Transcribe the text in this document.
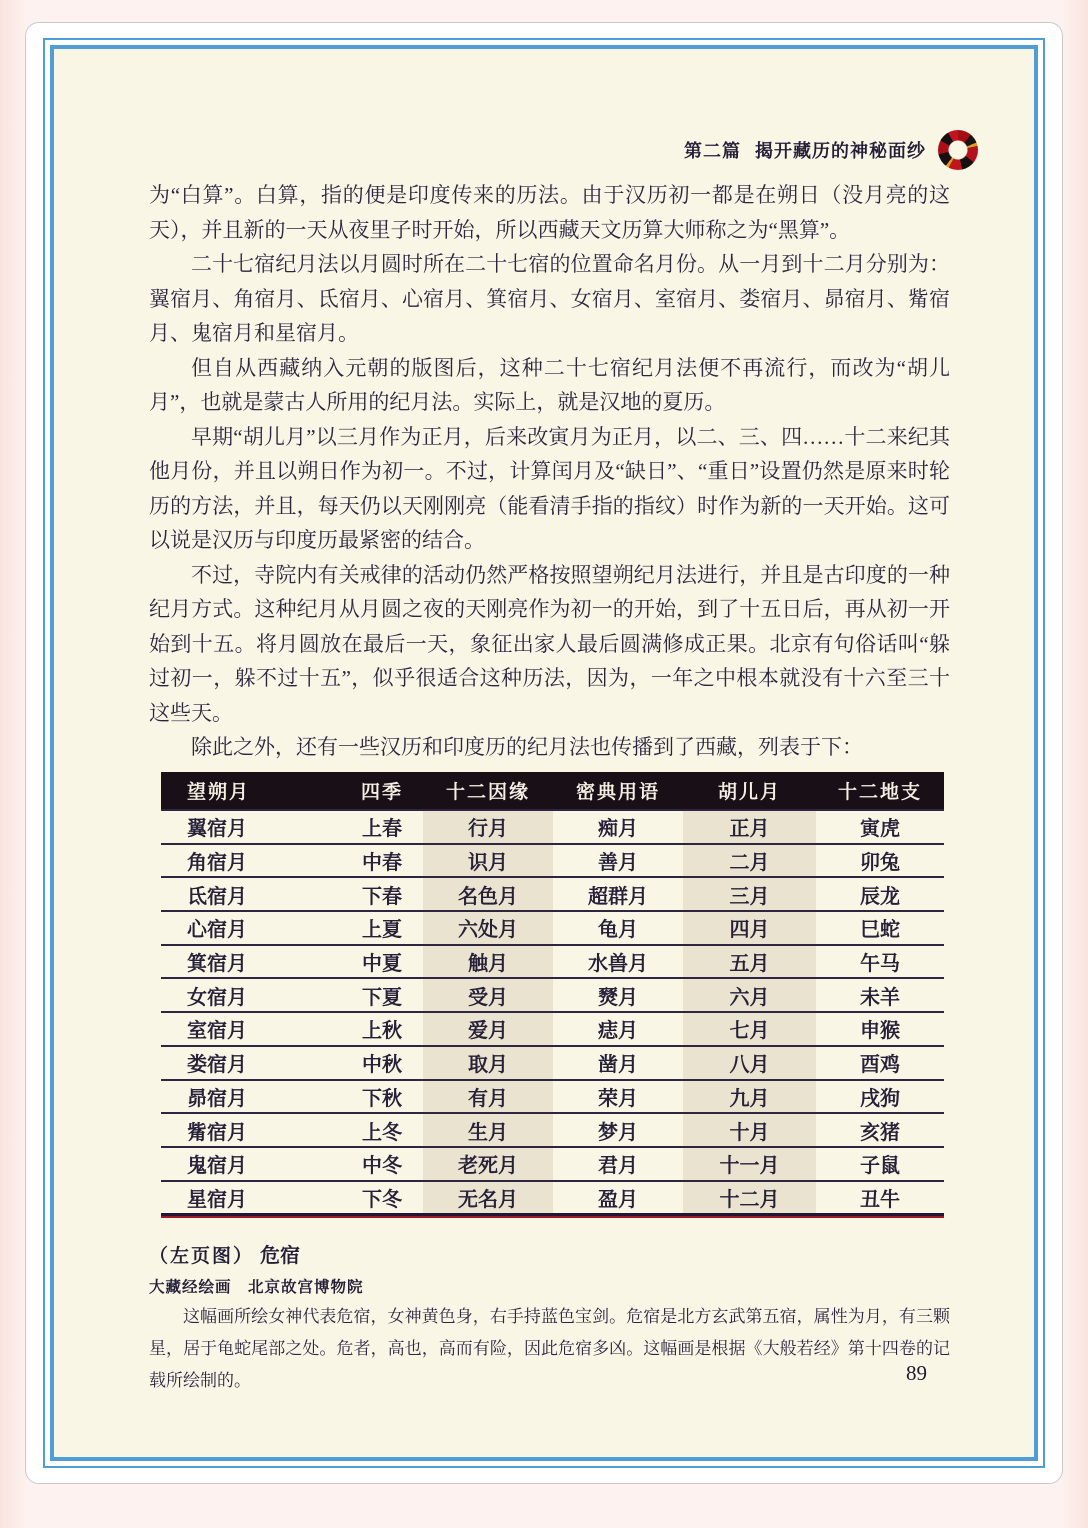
第二篇 揭开藏历的神秘面纱

为“白算”。白算，指的便是印度传来的历法。由于汉历初一都是在朔日（没月亮的这天），并且新的一天从夜里子时开始，所以西藏天文历算大师称之为“黑算”。

二十七宿纪月法以月圆时所在二十七宿的位置命名月份。从一月到十二月分别为：翼宿月、角宿月、氐宿月、心宿月、箕宿月、女宿月、室宿月、娄宿月、昴宿月、觜宿月、鬼宿月和星宿月。

但自从西藏纳入元朝的版图后，这种二十七宿纪月法便不再流行，而改为“胡儿月”，也就是蒙古人所用的纪月法。实际上，就是汉地的夏历。

早期“胡儿月”以三月作为正月，后来改寅月为正月，以二、三、四……十二来纪其他月份，并且以朔日作为初一。不过，计算闰月及“缺日”、“重日”设置仍然是原来时轮历的方法，并且，每天仍以天刚刚亮（能看清手指的指纹）时作为新的一天开始。这可以说是汉历与印度历最紧密的结合。

不过，寺院内有关戒律的活动仍然严格按照望朔纪月法进行，并且是古印度的一种纪月方式。这种纪月从月圆之夜的天刚亮作为初一的开始，到了十五日后，再从初一开始到十五。将月圆放在最后一天，象征出家人最后圆满修成正果。北京有句俗话叫“躲过初一，躲不过十五”，似乎很适合这种历法，因为，一年之中根本就没有十六至三十这些天。

除此之外，还有一些汉历和印度历的纪月法也传播到了西藏，列表于下：

望朔月	四季	十二因缘	密典用语	胡儿月	十二地支
翼宿月	上春	行月	痴月	正月	寅虎
角宿月	中春	识月	善月	二月	卯兔
氐宿月	下春	名色月	超群月	三月	辰龙
心宿月	上夏	六处月	龟月	四月	巳蛇
箕宿月	中夏	触月	水兽月	五月	午马
女宿月	下夏	受月	燹月	六月	未羊
室宿月	上秋	爱月	痣月	七月	申猴
娄宿月	中秋	取月	凿月	八月	酉鸡
昴宿月	下秋	有月	荣月	九月	戌狗
觜宿月	上冬	生月	梦月	十月	亥猪
鬼宿月	中冬	老死月	君月	十一月	子鼠
星宿月	下冬	无名月	盈月	十二月	丑牛
（左页图） 危宿
大藏经绘画　北京故宫博物院
这幅画所绘女神代表危宿，女神黄色身，右手持蓝色宝剑。危宿是北方玄武第五宿，属性为月，有三颗星，居于龟蛇尾部之处。危者，高也，高而有险，因此危宿多凶。这幅画是根据《大般若经》第十四卷的记载所绘制的。	89
